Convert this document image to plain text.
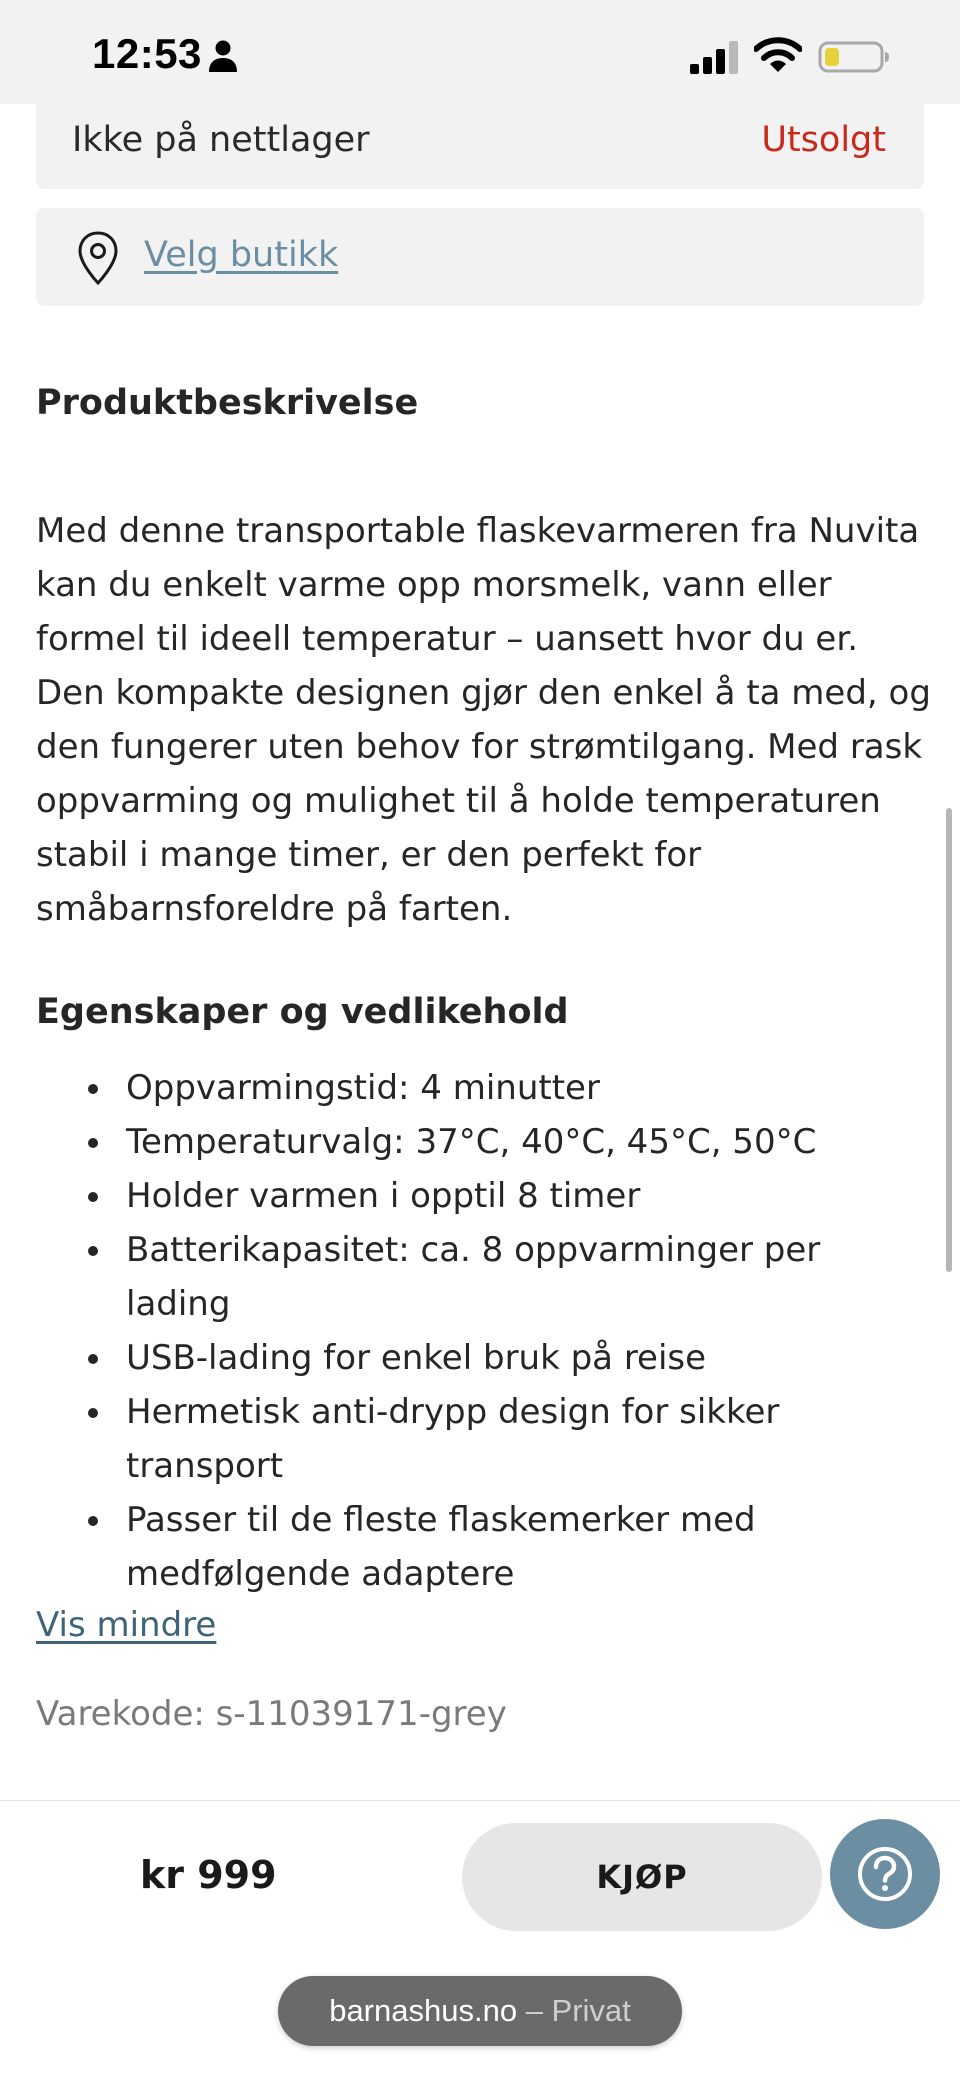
12:53
Ikke på nettlager	Utsolgt
Velg butikk
Produktbeskrivelse

Med denne transportable flaskevarmeren fra Nuvita kan du enkelt varme opp morsmelk, vann eller formel til ideell temperatur – uansett hvor du er. Den kompakte designen gjør den enkel å ta med, og den fungerer uten behov for strømtilgang. Med rask oppvarming og mulighet til å holde temperaturen stabil i mange timer, er den perfekt for småbarnsforeldre på farten.

Egenskaper og vedlikehold
Oppvarmingstid: 4 minutter
Temperaturvalg: 37°C, 40°C, 45°C, 50°C
Holder varmen i opptil 8 timer
Batterikapasitet: ca. 8 oppvarminger per lading
USB-lading for enkel bruk på reise
Hermetisk anti-drypp design for sikker transport
Passer til de fleste flaskemerker med medfølgende adaptere
Vis mindre
Varekode: s-11039171-grey
kr 999	KJØP
barnashus.no – Privat
